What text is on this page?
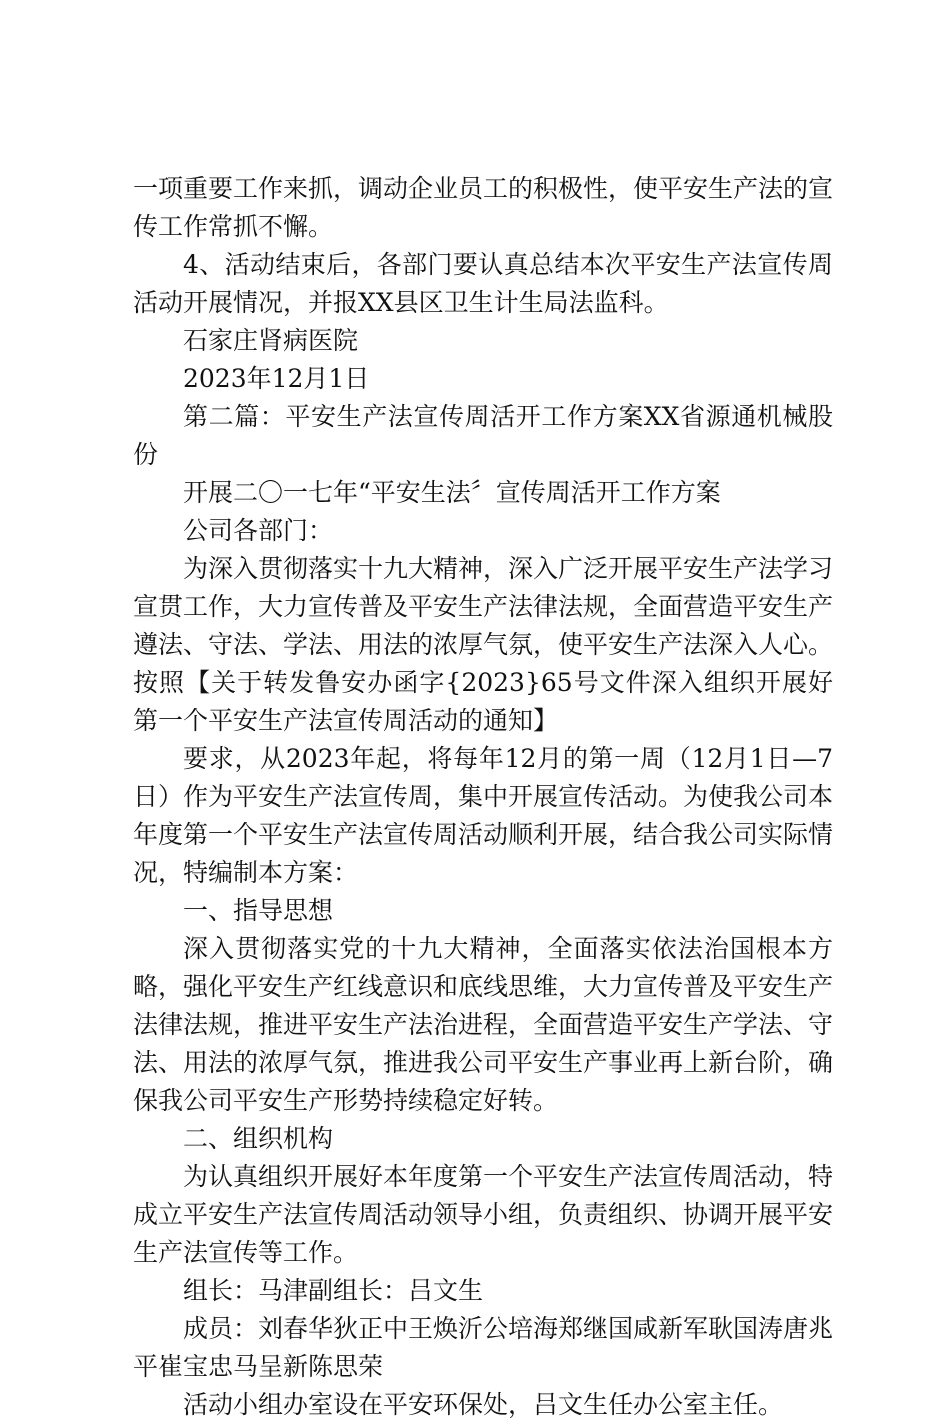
一项重要工作来抓，调动企业员工的积极性，使平安生产法的宣传工作常抓不懈。

4、活动结束后，各部门要认真总结本次平安生产法宣传周活动开展情况，并报XX县区卫生计生局法监科。

石家庄肾病医院

2023年12月1日

第二篇：平安生产法宣传周活开工作方案XX省源通机械股份

开展二〇一七年“平安生法〞宣传周活开工作方案

公司各部门：

为深入贯彻落实十九大精神，深入广泛开展平安生产法学习宣贯工作，大力宣传普及平安生产法律法规，全面营造平安生产遵法、守法、学法、用法的浓厚气氛，使平安生产法深入人心。按照【关于转发鲁安办函字{2023}65号文件深入组织开展好第一个平安生产法宣传周活动的通知】

要求，从2023年起，将每年12月的第一周（12月1日—7日）作为平安生产法宣传周，集中开展宣传活动。为使我公司本年度第一个平安生产法宣传周活动顺利开展，结合我公司实际情况，特编制本方案：

一、指导思想

深入贯彻落实党的十九大精神，全面落实依法治国根本方略，强化平安生产红线意识和底线思维，大力宣传普及平安生产法律法规，推进平安生产法治进程，全面营造平安生产学法、守法、用法的浓厚气氛，推进我公司平安生产事业再上新台阶，确保我公司平安生产形势持续稳定好转。

二、组织机构

为认真组织开展好本年度第一个平安生产法宣传周活动，特成立平安生产法宣传周活动领导小组，负责组织、协调开展平安生产法宣传等工作。

组长：马津副组长：吕文生

成员：刘春华狄正中王焕沂公培海郑继国咸新军耿国涛唐兆平崔宝忠马呈新陈思荣

活动小组办室设在平安环保处，吕文生任办公室主任。
